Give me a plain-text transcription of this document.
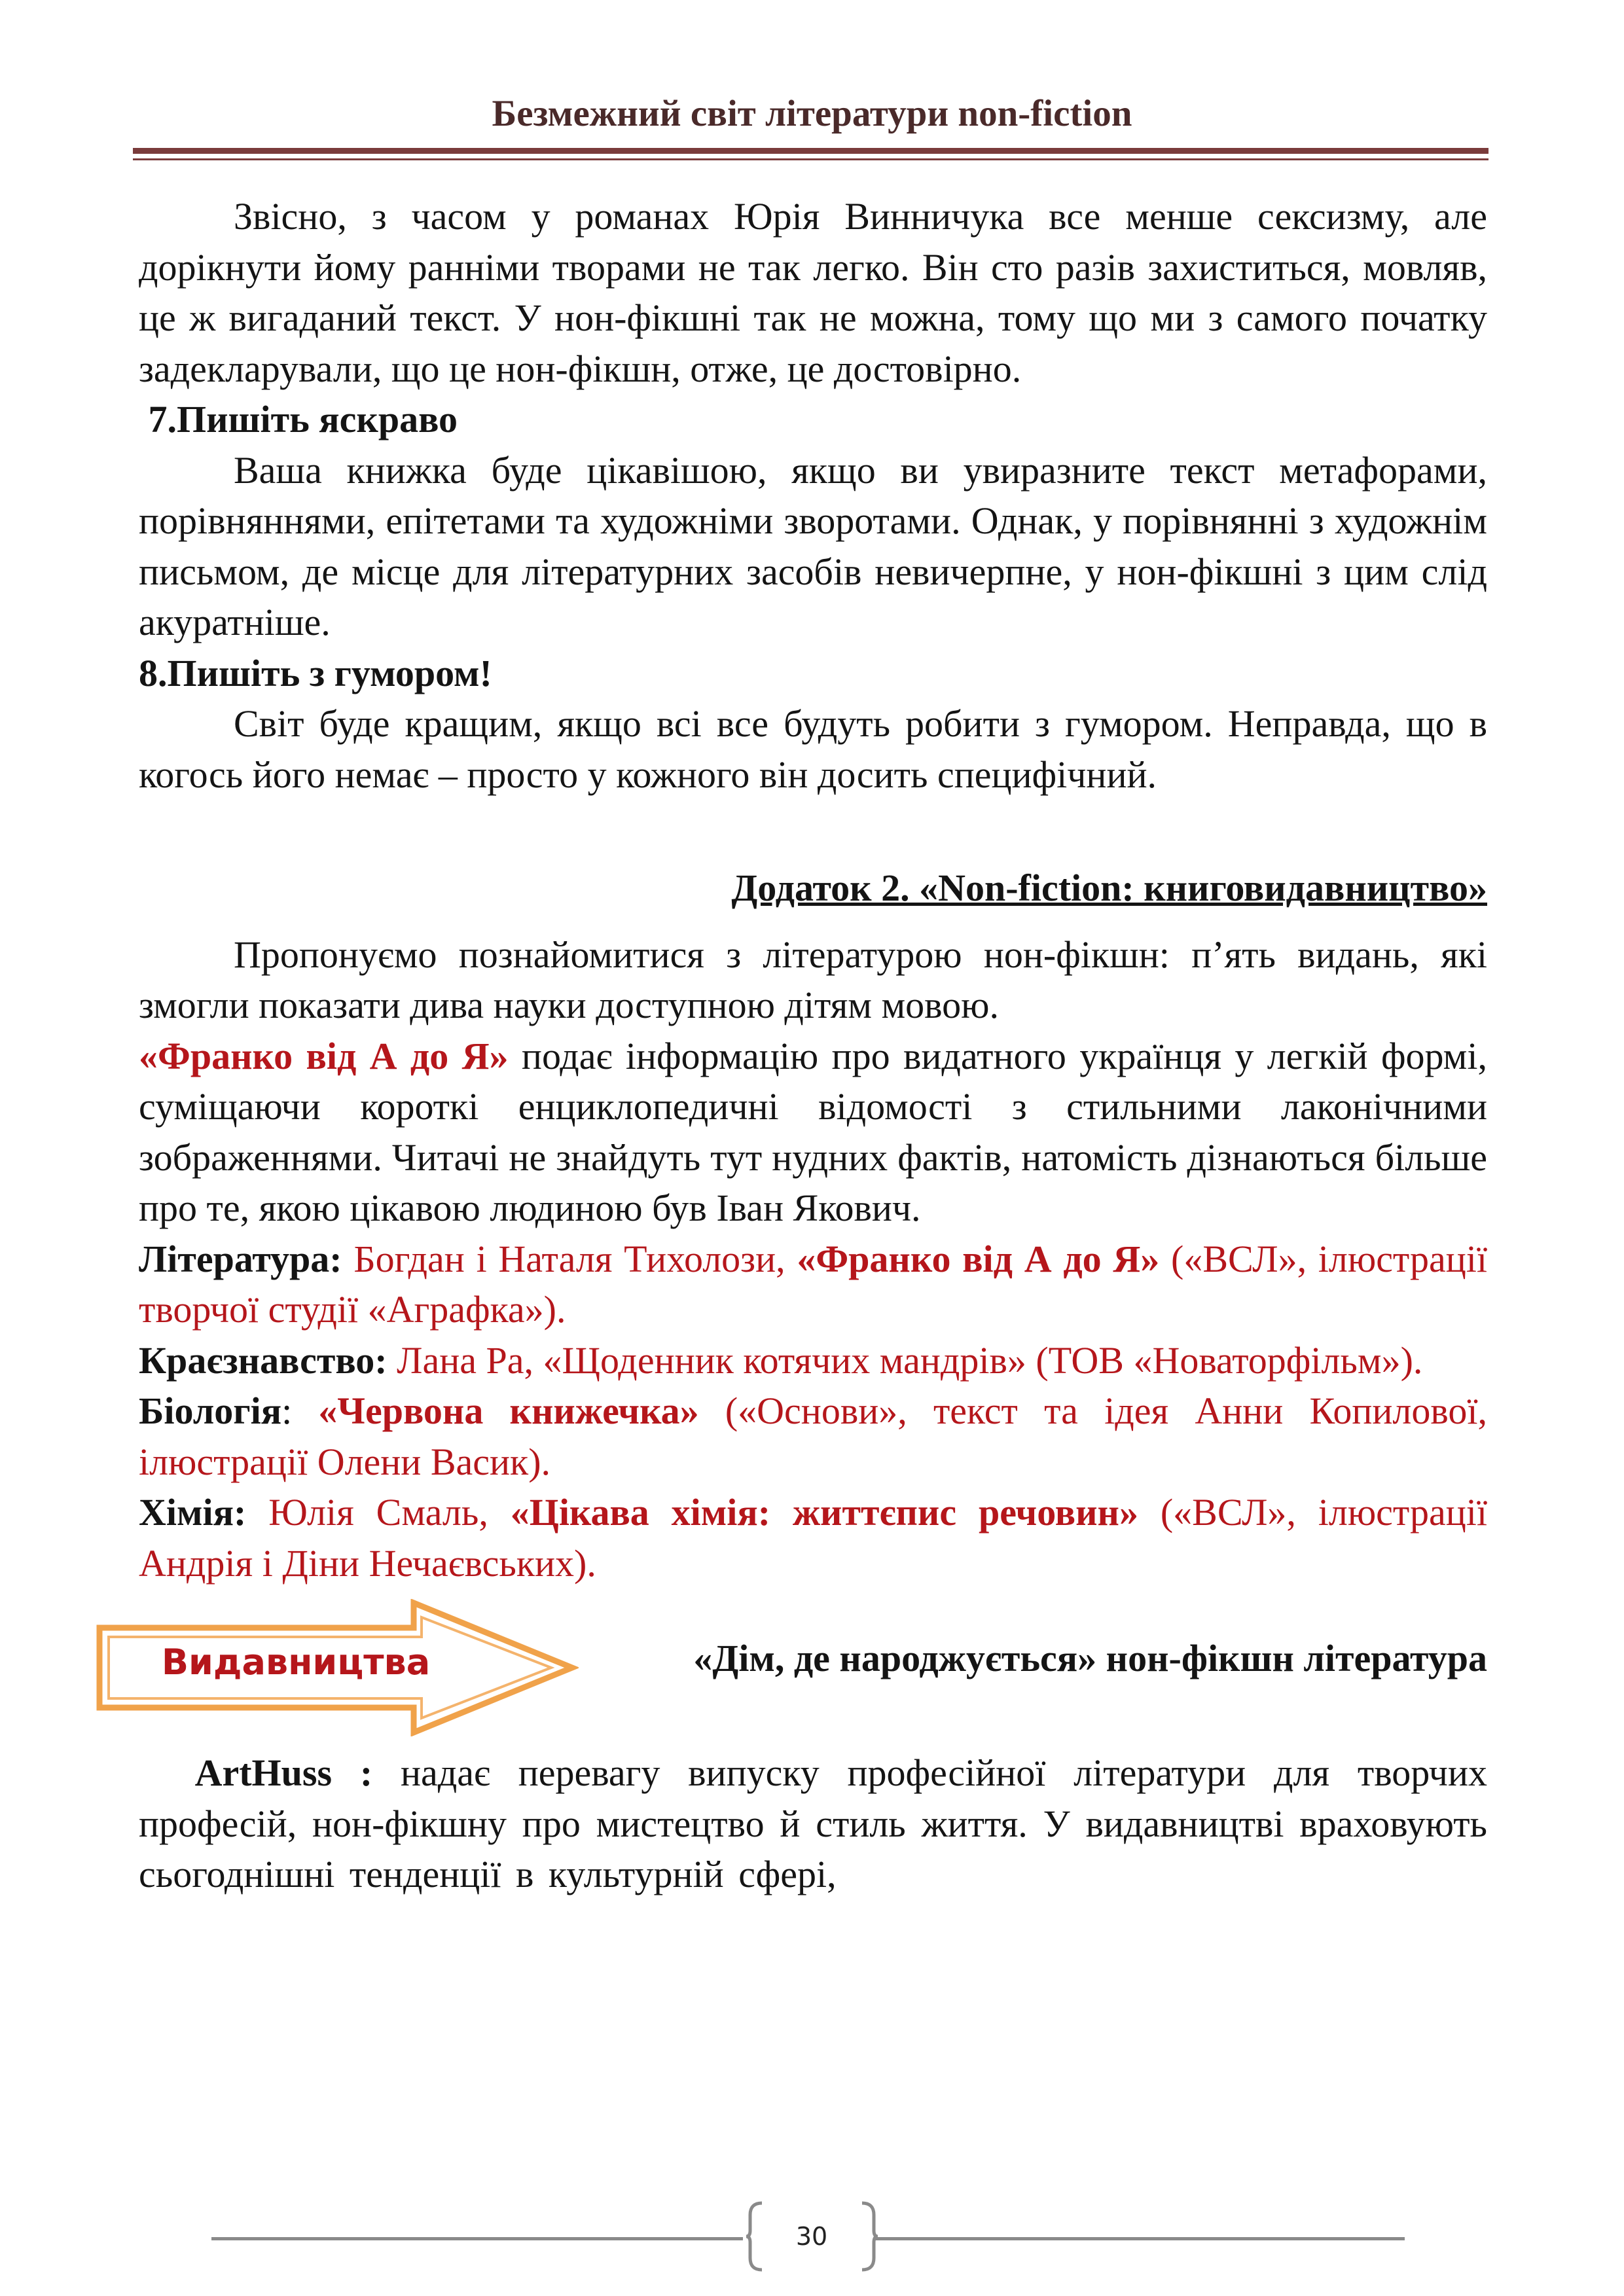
Безмежний світ літератури non-fiction

Звісно, з часом у романах Юрія Винничука все менше сексизму, але дорікнути йому ранніми творами не так легко. Він сто разів захиститься, мовляв, це ж вигаданий текст. У нон-фікшні так не можна, тому що ми з самого початку задекларували, що це нон-фікшн, отже, це достовірно.

7.Пишіть яскраво

Ваша книжка буде цікавішою, якщо ви увиразните текст метафорами, порівняннями, епітетами та художніми зворотами. Однак, у порівнянні з художнім письмом, де місце для літературних засобів невичерпне, у нон-фікшні з цим слід акуратніше.

8.Пишіть з гумором!

Світ буде кращим, якщо всі все будуть робити з гумором. Неправда, що в когось його немає – просто у кожного він досить специфічний.

Додаток 2. «Non-fiction: книговидавництво»

Пропонуємо познайомитися з літературою нон-фікшн: п’ять видань, які змогли показати дива науки доступною дітям мовою.

«Франко від А до Я» подає інформацію про видатного українця у легкій формі, суміщаючи короткі енциклопедичні відомості з стильними лаконічними зображеннями. Читачі не знайдуть тут нудних фактів, натомість дізнаються більше про те, якою цікавою людиною був Іван Якович.

Література: Богдан і Наталя Тихолози, «Франко від А до Я» («ВСЛ», ілюстрації творчої студії «Аграфка»).

Краєзнавство: Лана Ра, «Щоденник котячих мандрів» (ТОВ «Новаторфільм»).

Біологія: «Червона книжечка» («Основи», текст та ідея Анни Копилової, ілюстрації Олени Васик).

Хімія: Юлія Смаль, «Цікава хімія: життєпис речовин» («ВСЛ», ілюстрації Андрія і Діни Нечаєвських).

Видавництва	«Дім, де народжується» нон-фікшн література

ArtHuss : надає перевагу випуску професійної літератури для творчих професій, нон-фікшну про мистецтво й стиль життя. У видавництві враховують сьогоднішні тенденції в культурній сфері,

30
